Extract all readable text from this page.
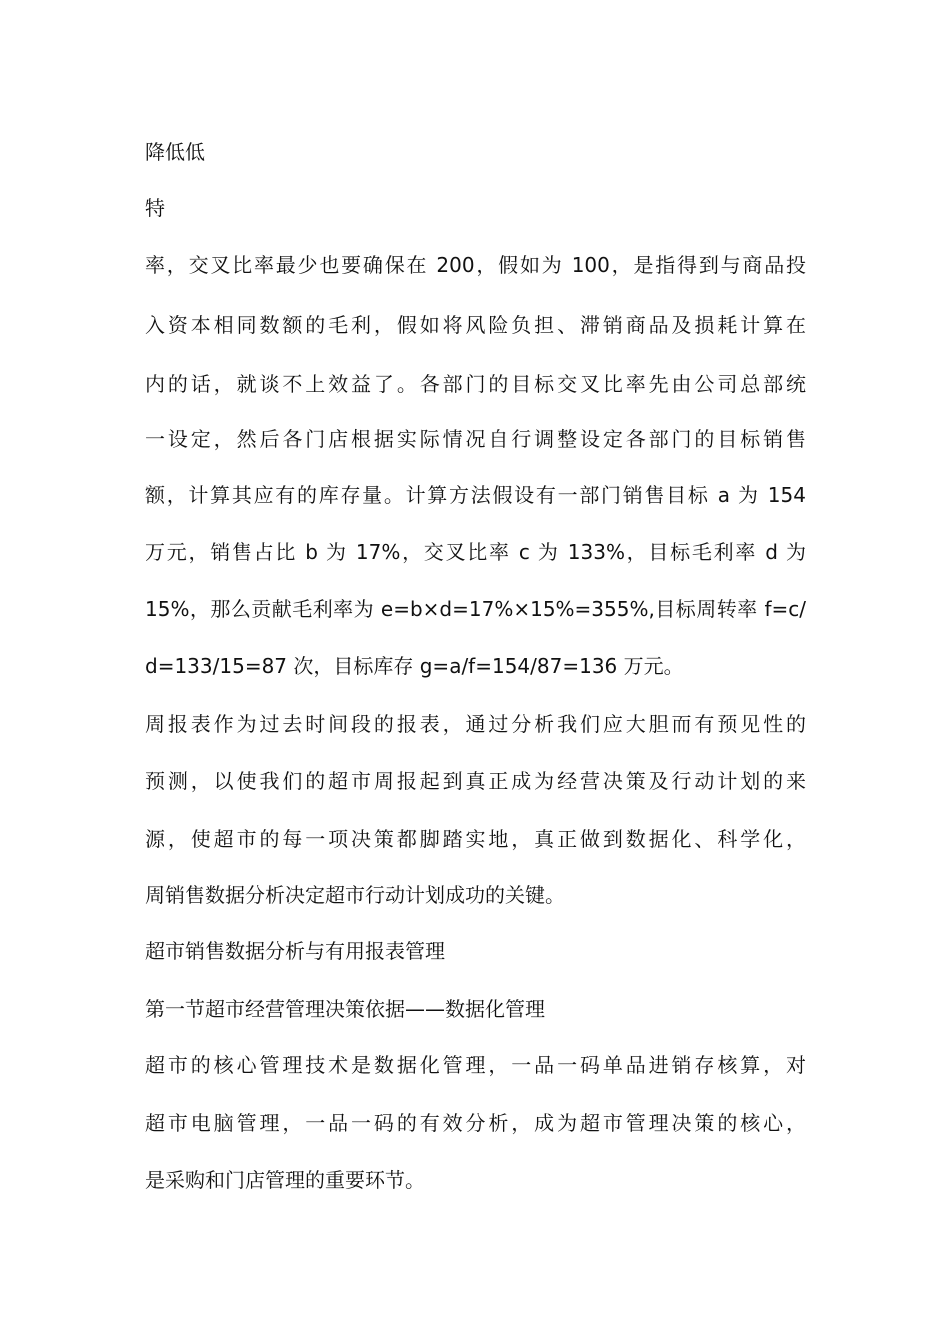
降低低

特

率，交叉比率最少也要确保在 200，假如为 100，是指得到与商品投

入资本相同数额的毛利，假如将风险负担、滞销商品及损耗计算在

内的话，就谈不上效益了。各部门的目标交叉比率先由公司总部统

一设定，然后各门店根据实际情况自行调整设定各部门的目标销售

额，计算其应有的库存量。计算方法假设有一部门销售目标 a 为 154

万元，销售占比 b 为 17%，交叉比率 c 为 133%，目标毛利率 d 为

15%，那么贡献毛利率为 e=b×d=17%×15%=355%,目标周转率 f=c/

d=133/15=87 次，目标库存 g=a/f=154/87=136 万元。

周报表作为过去时间段的报表，通过分析我们应大胆而有预见性的

预测，以使我们的超市周报起到真正成为经营决策及行动计划的来

源，使超市的每一项决策都脚踏实地，真正做到数据化、科学化，

周销售数据分析决定超市行动计划成功的关键。

超市销售数据分析与有用报表管理

第一节超市经营管理决策依据——数据化管理

超市的核心管理技术是数据化管理，一品一码单品进销存核算，对

超市电脑管理，一品一码的有效分析，成为超市管理决策的核心，

是采购和门店管理的重要环节。
